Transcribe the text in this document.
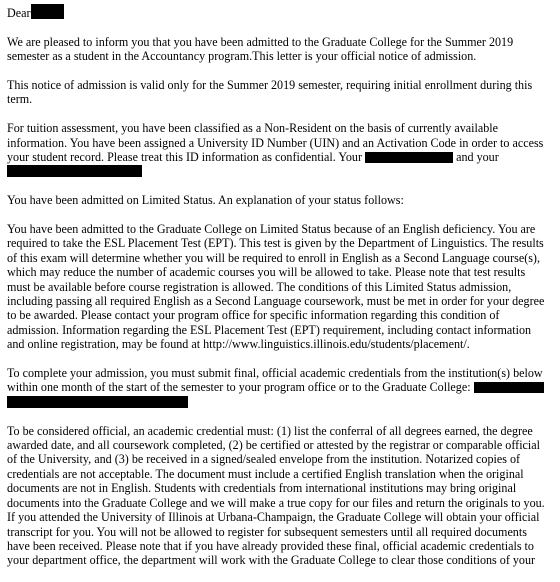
Dear
We are pleased to inform you that you have been admitted to the Graduate College for the Summer 2019
semester as a student in the Accountancy program.This letter is your official notice of admission.
This notice of admission is valid only for the Summer 2019 semester, requiring initial enrollment during this
term.
For tuition assessment, you have been classified as a Non-Resident on the basis of currently available
information. You have been assigned a University ID Number (UIN) and an Activation Code in order to access
your student record. Please treat this ID information as confidential. Your	and your
You have been admitted on Limited Status. An explanation of your status follows:
You have been admitted to the Graduate College on Limited Status because of an English deficiency. You are
required to take the ESL Placement Test (EPT). This test is given by the Department of Linguistics. The results
of this exam will determine whether you will be required to enroll in English as a Second Language course(s),
which may reduce the number of academic courses you will be allowed to take. Please note that test results
must be available before course registration is allowed. The conditions of this Limited Status admission,
including passing all required English as a Second Language coursework, must be met in order for your degree
to be awarded. Please contact your program office for specific information regarding this condition of
admission. Information regarding the ESL Placement Test (EPT) requirement, including contact information
and online registration, may be found at http://www.linguistics.illinois.edu/students/placement/.
To complete your admission, you must submit final, official academic credentials from the institution(s) below
within one month of the start of the semester to your program office or to the Graduate College:
To be considered official, an academic credential must: (1) list the conferral of all degrees earned, the degree
awarded date, and all coursework completed, (2) be certified or attested by the registrar or comparable official
of the University, and (3) be received in a signed/sealed envelope from the institution. Notarized copies of
credentials are not acceptable. The document must include a certified English translation when the original
documents are not in English. Students with credentials from international institutions may bring original
documents into the Graduate College and we will make a true copy for our files and return the originals to you.
If you attended the University of Illinois at Urbana-Champaign, the Graduate College will obtain your official
transcript for you. You will not be allowed to register for subsequent semesters until all required documents
have been received. Please note that if you have already provided these final, official academic credentials to
your department office, the department will work with the Graduate College to clear those conditions of your
